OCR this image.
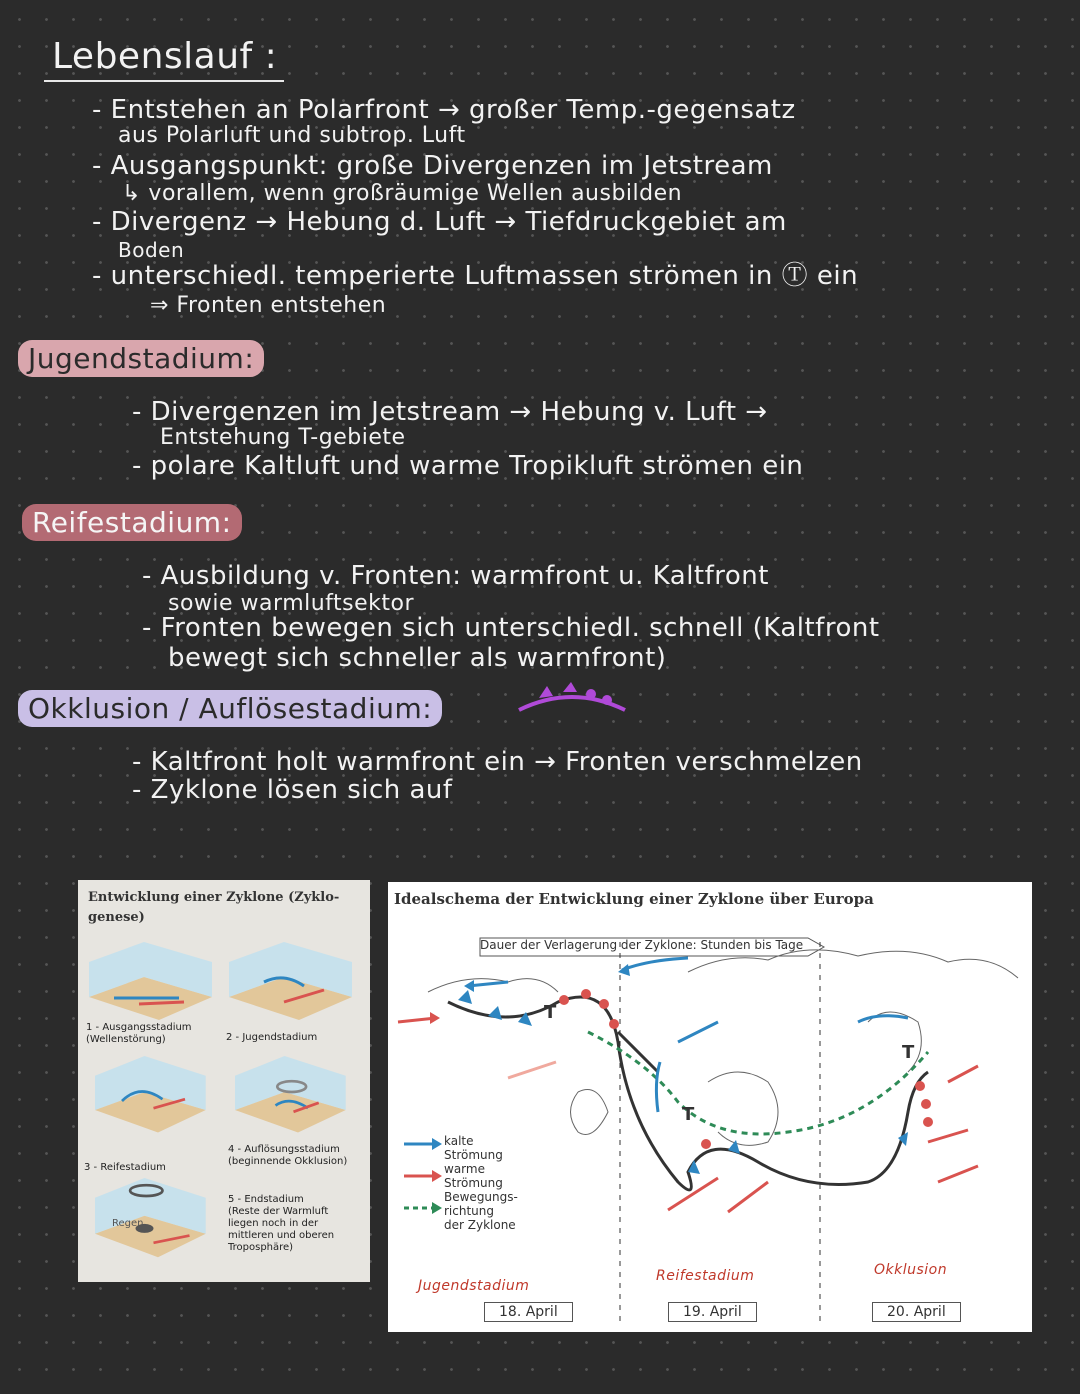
Lebenslauf :
- Entstehen an Polarfront → großer Temp.-gegensatz
aus Polarluft und subtrop. Luft
- Ausgangspunkt: große Divergenzen im Jetstream
↳ vorallem, wenn großräumige Wellen ausbilden
- Divergenz → Hebung d. Luft → Tiefdruckgebiet am
Boden
- unterschiedl. temperierte Luftmassen strömen in Ⓣ ein
⇒ Fronten entstehen
Jugendstadium:
- Divergenzen im Jetstream → Hebung v. Luft →
Entstehung T-gebiete
- polare Kaltluft und warme Tropikluft strömen ein
Reifestadium:
- Ausbildung v. Fronten: warmfront u. Kaltfront
sowie warmluftsektor
- Fronten bewegen sich unterschiedl. schnell (Kaltfront
bewegt sich schneller als warmfront)
Okklusion / Auflösestadium:
- Kaltfront holt warmfront ein → Fronten verschmelzen
- Zyklone lösen sich auf
Entwicklung einer Zyklone (Zyklo-
genese)
1 - Ausgangsstadium
(Wellenstörung)	2 - Jugendstadium
3 - Reifestadium
4 - Auflösungsstadium
(beginnende Okklusion)
Regen
5 - Endstadium
(Reste der Warmluft
liegen noch in der
mittleren und oberen
Troposphäre)
Idealschema der Entwicklung einer Zyklone über Europa
Dauer der Verlagerung der Zyklone: Stunden bis Tage
T
T
T
kalte
Strömung
warme
Strömung
Bewegungs-
richtung
der Zyklone
Jugendstadium
Reifestadium	Okklusion
18. April	19. April	20. April
